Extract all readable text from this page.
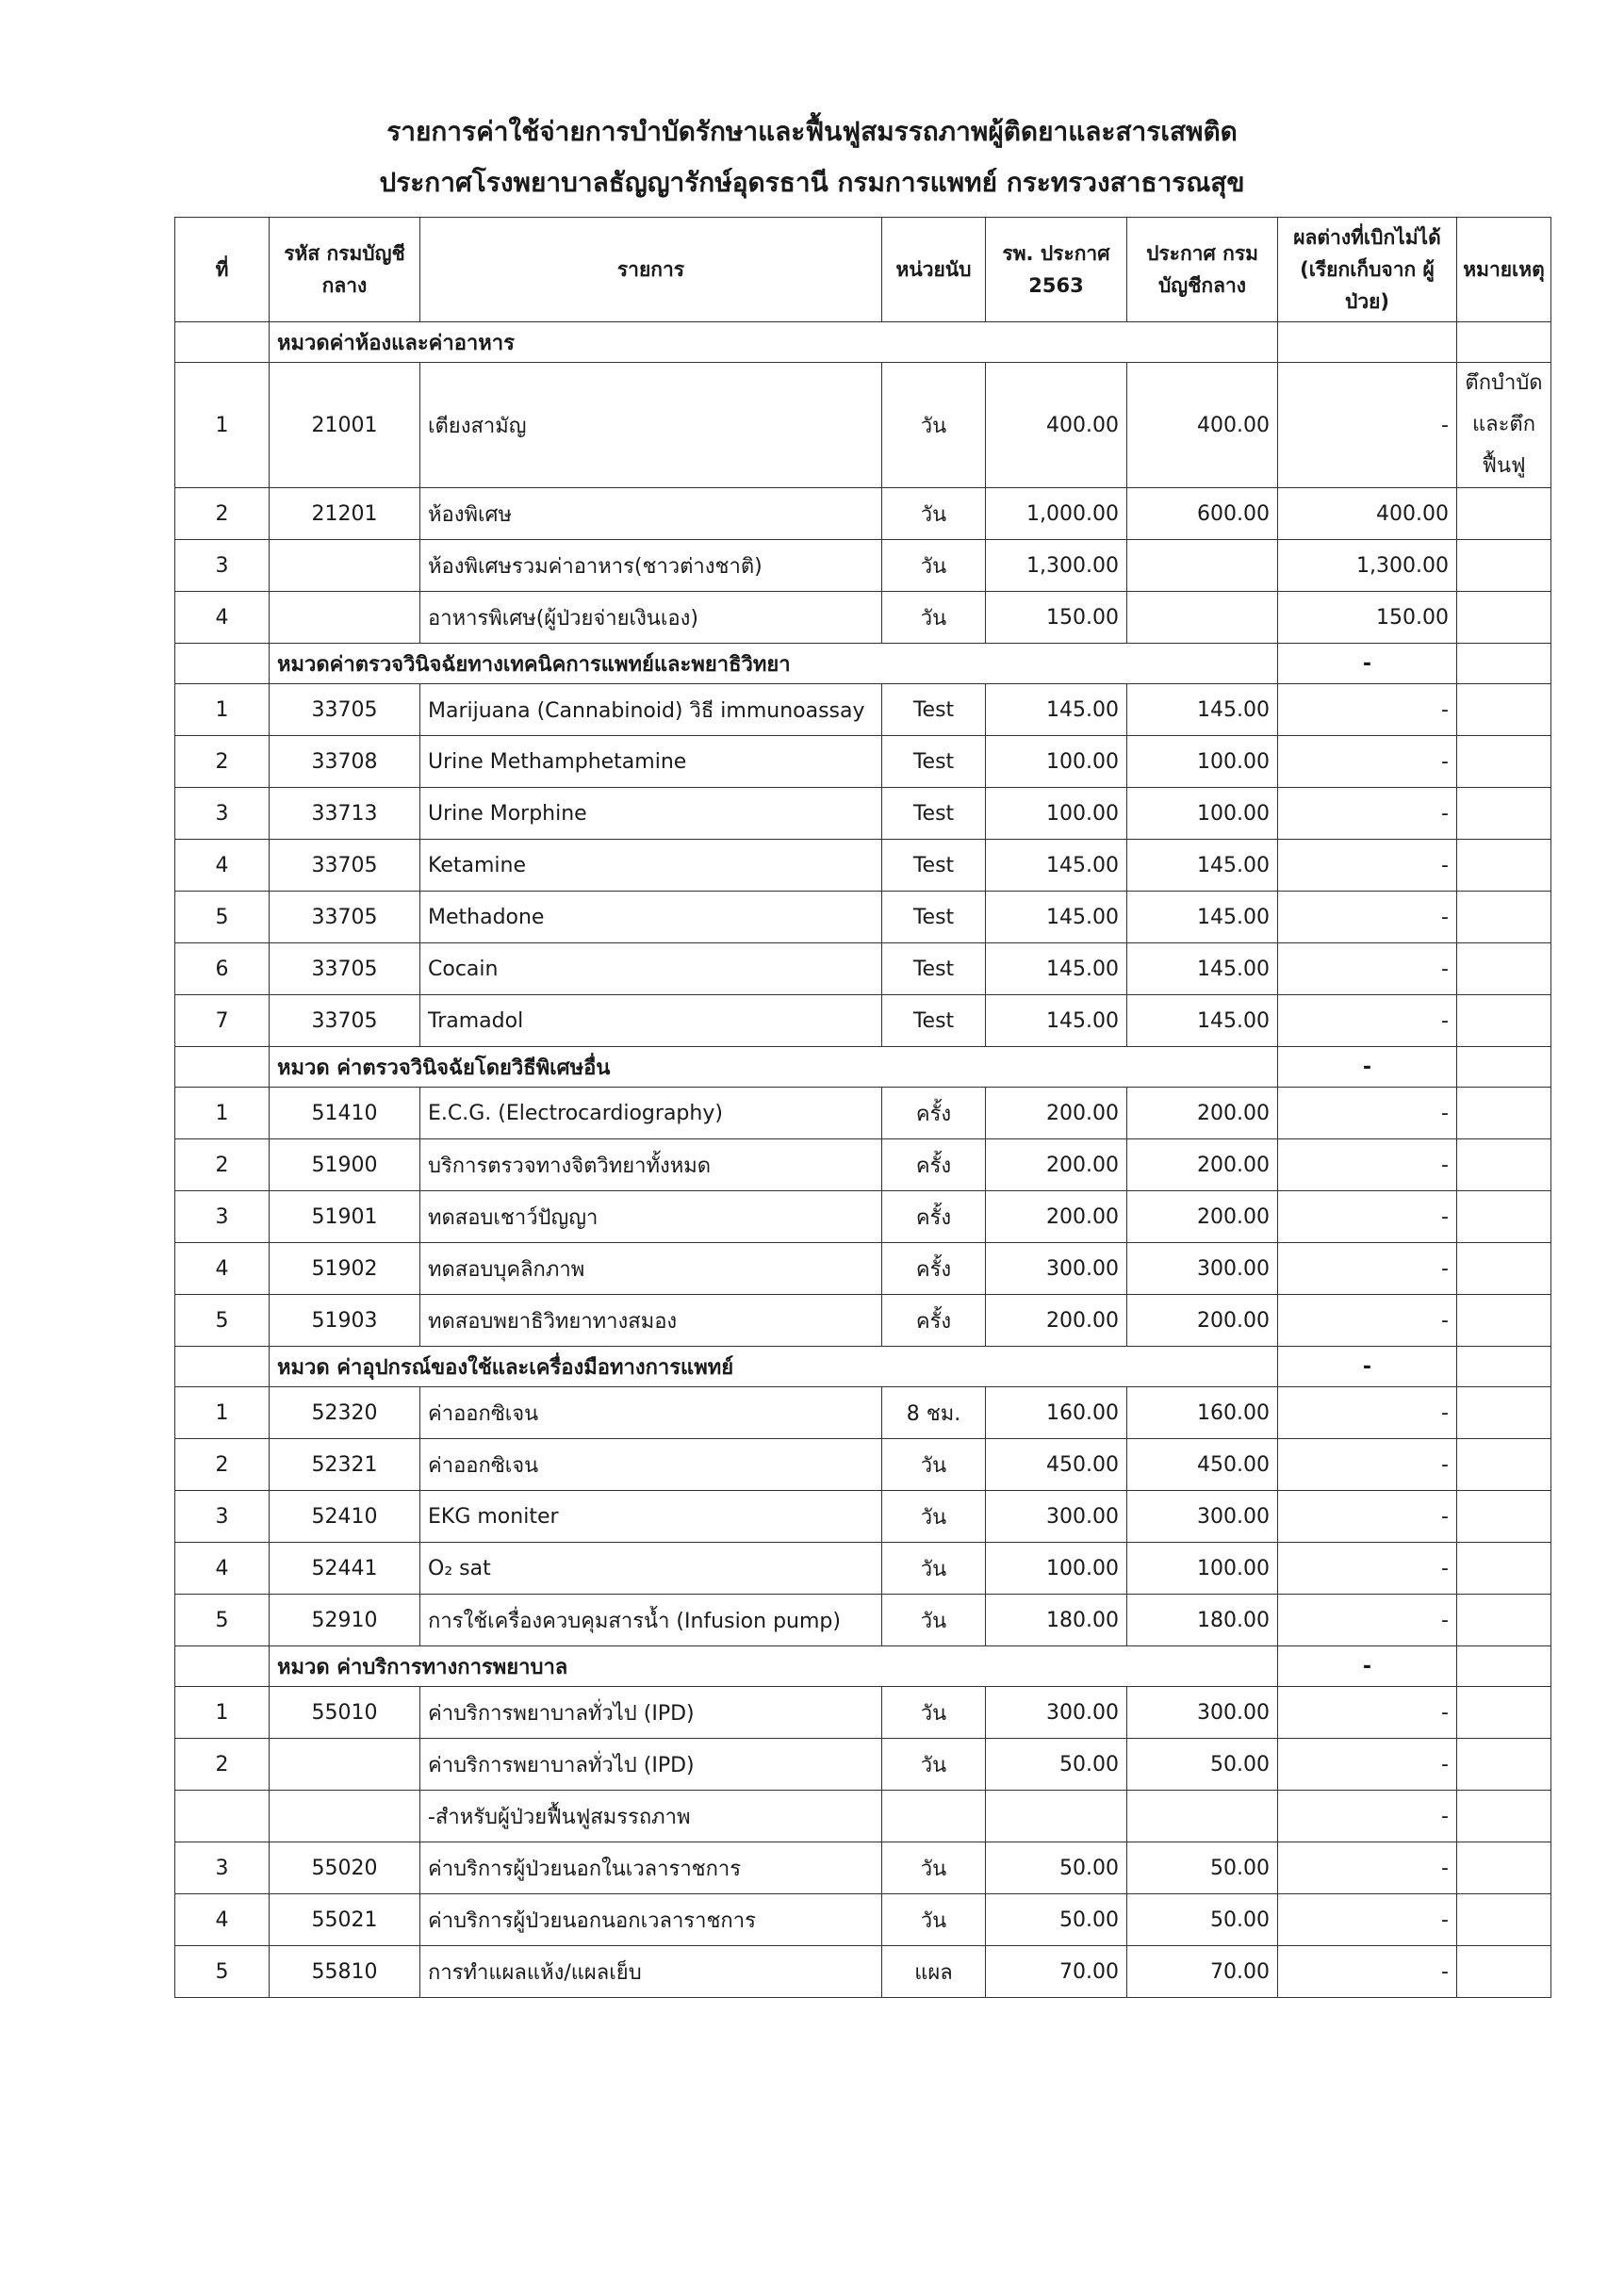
รายการค่าใช้จ่ายการบำบัดรักษาและฟื้นฟูสมรรถภาพผู้ติดยาและสารเสพติด
ประกาศโรงพยาบาลธัญญารักษ์อุดรธานี กรมการแพทย์ กระทรวงสาธารณสุข
ที่	รหัส กรมบัญชีกลาง	รายการ	หน่วยนับ	รพ. ประกาศ 2563	ประกาศ กรมบัญชีกลาง	ผลต่างที่เบิกไม่ได้ (เรียกเก็บจาก ผู้ป่วย)	หมายเหตุ
	หมวดค่าห้องและค่าอาหาร						
1	21001	เตียงสามัญ	วัน	400.00	400.00	-	ตึกบำบัด และตึกฟื้นฟู
2	21201	ห้องพิเศษ	วัน	1,000.00	600.00	400.00	
3		ห้องพิเศษรวมค่าอาหาร(ชาวต่างชาติ)	วัน	1,300.00		1,300.00	
4		อาหารพิเศษ(ผู้ป่วยจ่ายเงินเอง)	วัน	150.00		150.00	
	หมวดค่าตรวจวินิจฉัยทางเทคนิคการแพทย์และพยาธิวิทยา					-	
1	33705	Marijuana (Cannabinoid) วิธี immunoassay	Test	145.00	145.00	-	
2	33708	Urine Methamphetamine	Test	100.00	100.00	-	
3	33713	Urine Morphine	Test	100.00	100.00	-	
4	33705	Ketamine	Test	145.00	145.00	-	
5	33705	Methadone	Test	145.00	145.00	-	
6	33705	Cocain	Test	145.00	145.00	-	
7	33705	Tramadol	Test	145.00	145.00	-	
	หมวด ค่าตรวจวินิจฉัยโดยวิธีพิเศษอื่น					-	
1	51410	E.C.G. (Electrocardiography)	ครั้ง	200.00	200.00	-	
2	51900	บริการตรวจทางจิตวิทยาทั้งหมด	ครั้ง	200.00	200.00	-	
3	51901	ทดสอบเชาว์ปัญญา	ครั้ง	200.00	200.00	-	
4	51902	ทดสอบบุคลิกภาพ	ครั้ง	300.00	300.00	-	
5	51903	ทดสอบพยาธิวิทยาทางสมอง	ครั้ง	200.00	200.00	-	
	หมวด ค่าอุปกรณ์ของใช้และเครื่องมือทางการแพทย์					-	
1	52320	ค่าออกซิเจน	8 ชม.	160.00	160.00	-	
2	52321	ค่าออกซิเจน	วัน	450.00	450.00	-	
3	52410	EKG moniter	วัน	300.00	300.00	-	
4	52441	O₂ sat	วัน	100.00	100.00	-	
5	52910	การใช้เครื่องควบคุมสารน้ำ (Infusion pump)	วัน	180.00	180.00	-	
	หมวด ค่าบริการทางการพยาบาล					-	
1	55010	ค่าบริการพยาบาลทั่วไป (IPD)	วัน	300.00	300.00	-	
2		ค่าบริการพยาบาลทั่วไป (IPD)	วัน	50.00	50.00	-	
		-สำหรับผู้ป่วยฟื้นฟูสมรรถภาพ				-	
3	55020	ค่าบริการผู้ป่วยนอกในเวลาราชการ	วัน	50.00	50.00	-	
4	55021	ค่าบริการผู้ป่วยนอกนอกเวลาราชการ	วัน	50.00	50.00	-	
5	55810	การทำแผลแห้ง/แผลเย็บ	แผล	70.00	70.00	-	
